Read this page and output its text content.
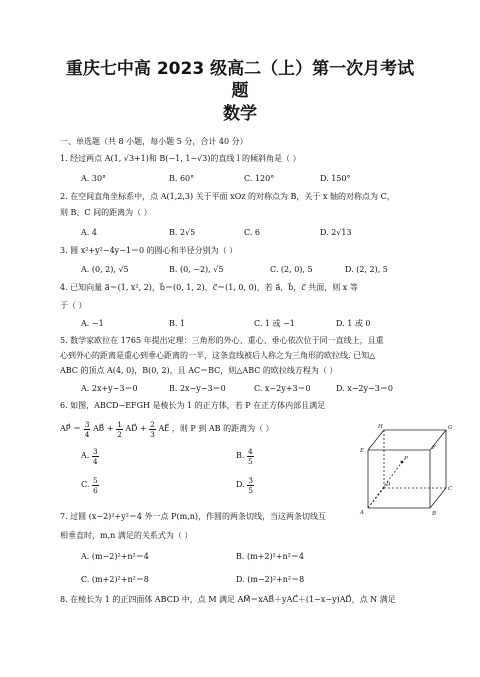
重庆七中高 2023 级高二（上）第一次月考试
题
数学
一、单选题（共 8 小题，每小题 5 分，合计 40 分）
1. 经过两点 A(1, √3+1)和 B(−1, 1−√3)的直线 l 的倾斜角是（ ）
A. 30°	B. 60°	C. 120°	D. 150°
2. 在空间直角坐标系中，点 A(1,2,3) 关于平面 xOz 的对称点为 B，关于 x 轴的对称点为 C，
则 B、C 间的距离为（ ）
A. 4	B. 2√5	C. 6	D. 2√13
3. 圆 x²+y²−4y−1＝0 的圆心和半径分别为（ ）
A. (0, 2), √5	B. (0, −2), √5	C. (2, 0), 5	D. (2, 2), 5
4. 已知向量 a⃗＝(1, x², 2)，b⃗＝(0, 1, 2)，c⃗＝(1, 0, 0)，若 a⃗，b⃗，c⃗ 共面，则 x 等
于（ ）
A. −1	B. 1	C. 1 或 −1	D. 1 或 0
5. 数学家欧拉在 1765 年提出定理：三角形的外心、重心、垂心依次位于同一直线上，且重
心到外心的距离是重心到垂心距离的一半，这条直线被后人称之为三角形的欧拉线. 已知△
ABC 的顶点 A(4, 0)，B(0, 2)，且 AC＝BC，则△ABC 的欧拉线方程为（ ）
A. 2x+y−3＝0	B. 2x−y−3＝0	C. x−2y+3＝0	D. x−2y−3＝0
6. 如图，ABCD−EFGH 是棱长为 1 的正方体，若 P 在正方体内部且满足
AP⃗ ＝ $\frac{3}{4}$ AB⃗ + $\frac{1}{2}$ AD⃗ + $\frac{2}{3}$ AE⃗ ，则 P 到 AB 的距离为（ ）
A. $\frac{3}{4}$	B. $\frac{4}{5}$
C. $\frac{5}{6}$	D. $\frac{3}{5}$
H	G
E	F
D
C
A	B
P
7. 过圆 (x−2)²+y²＝4 外一点 P(m,n)，作圆的两条切线，当这两条切线互
相垂直时，m,n 满足的关系式为（ ）
A. (m−2)²+n²＝4	B. (m+2)²+n²＝4
C. (m+2)²+n²＝8	D. (m−2)²+n²＝8
8. 在棱长为 1 的正四面体 ABCD 中，点 M 满足 AM⃗＝xAB⃗＋yAC⃗＋(1−x−y)AD⃗，点 N 满足
